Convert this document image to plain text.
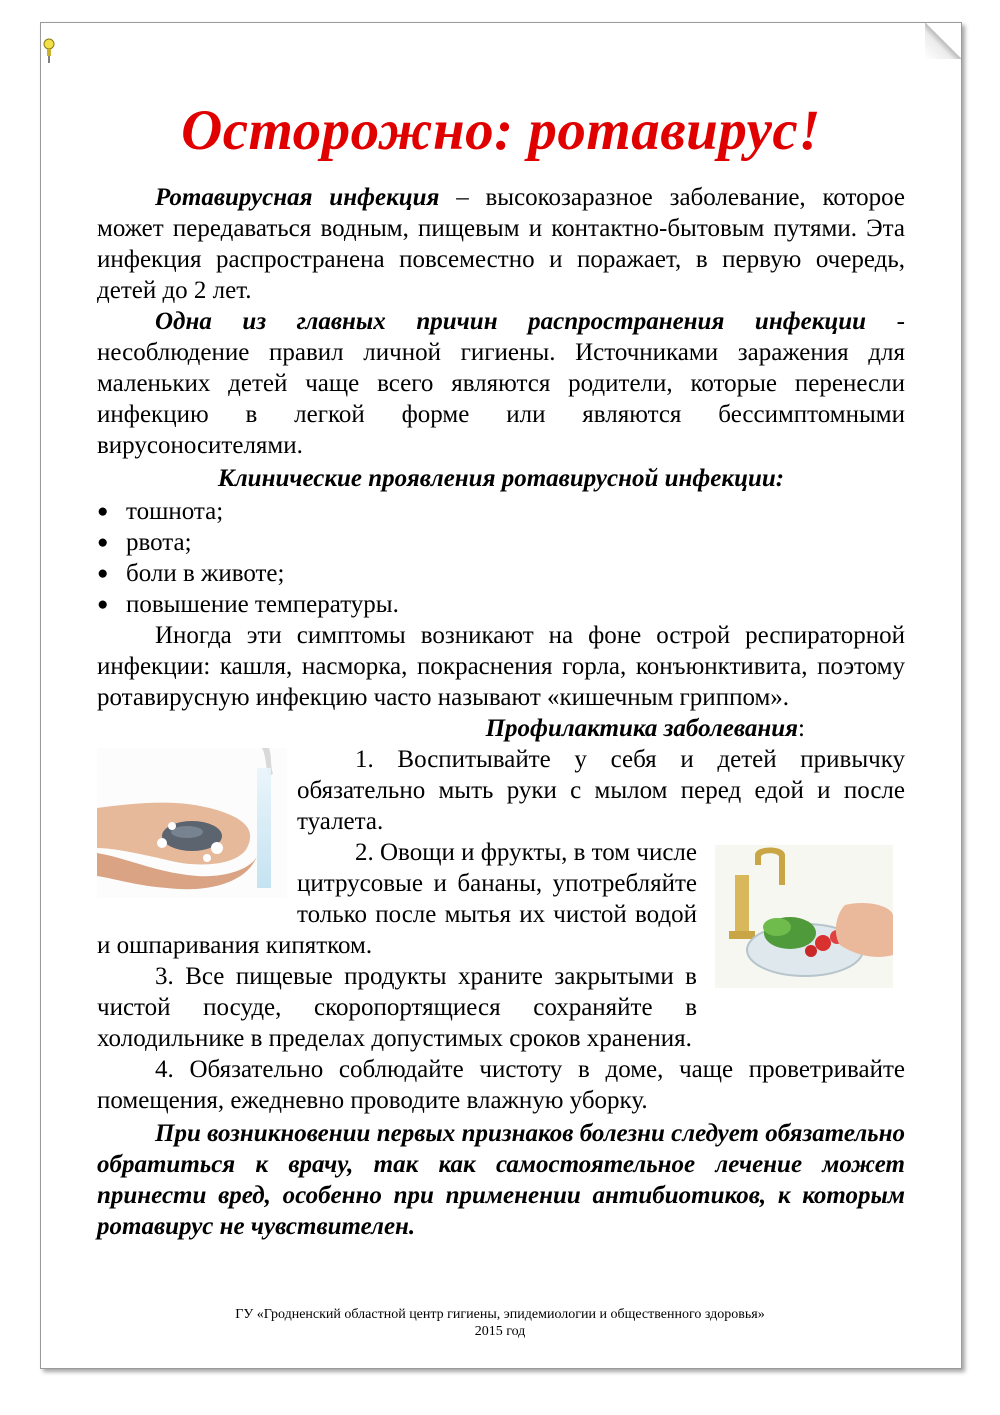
Осторожно: ротавирус!

Ротавирусная инфекция – высокозаразное заболевание, которое может передаваться водным, пищевым и контактно-бытовым путями. Эта инфекция распространена повсеместно и поражает, в первую очередь, детей до 2 лет.

Одна из главных причин распространения инфекции - несоблюдение правил личной гигиены. Источниками заражения для маленьких детей чаще всего являются родители, которые перенесли инфекцию в легкой форме или являются бессимптомными вирусоносителями.

Клинические проявления ротавирусной инфекции:
● тошнота;
● рвота;
● боли в животе;
● повышение температуры.

Иногда эти симптомы возникают на фоне острой респираторной инфекции: кашля, насморка, покраснения горла, конъюнктивита, поэтому ротавирусную инфекцию часто называют «кишечным гриппом».

Профилактика заболевания:

1. Воспитывайте у себя и детей привычку обязательно мыть руки с мылом перед едой и после туалета.

2. Овощи и фрукты, в том числе цитрусовые и бананы, употребляйте только после мытья их чистой водой и ошпаривания кипятком.

3. Все пищевые продукты храните закрытыми в чистой посуде, скоропортящиеся сохраняйте в холодильнике в пределах допустимых сроков хранения.

4. Обязательно соблюдайте чистоту в доме, чаще проветривайте помещения, ежедневно проводите влажную уборку.

При возникновении первых признаков болезни следует обязательно обратиться к врачу, так как самостоятельное лечение может принести вред, особенно при применении антибиотиков, к которым ротавирус не чувствителен.

ГУ «Гродненский областной центр гигиены, эпидемиологии и общественного здоровья»
2015 год
